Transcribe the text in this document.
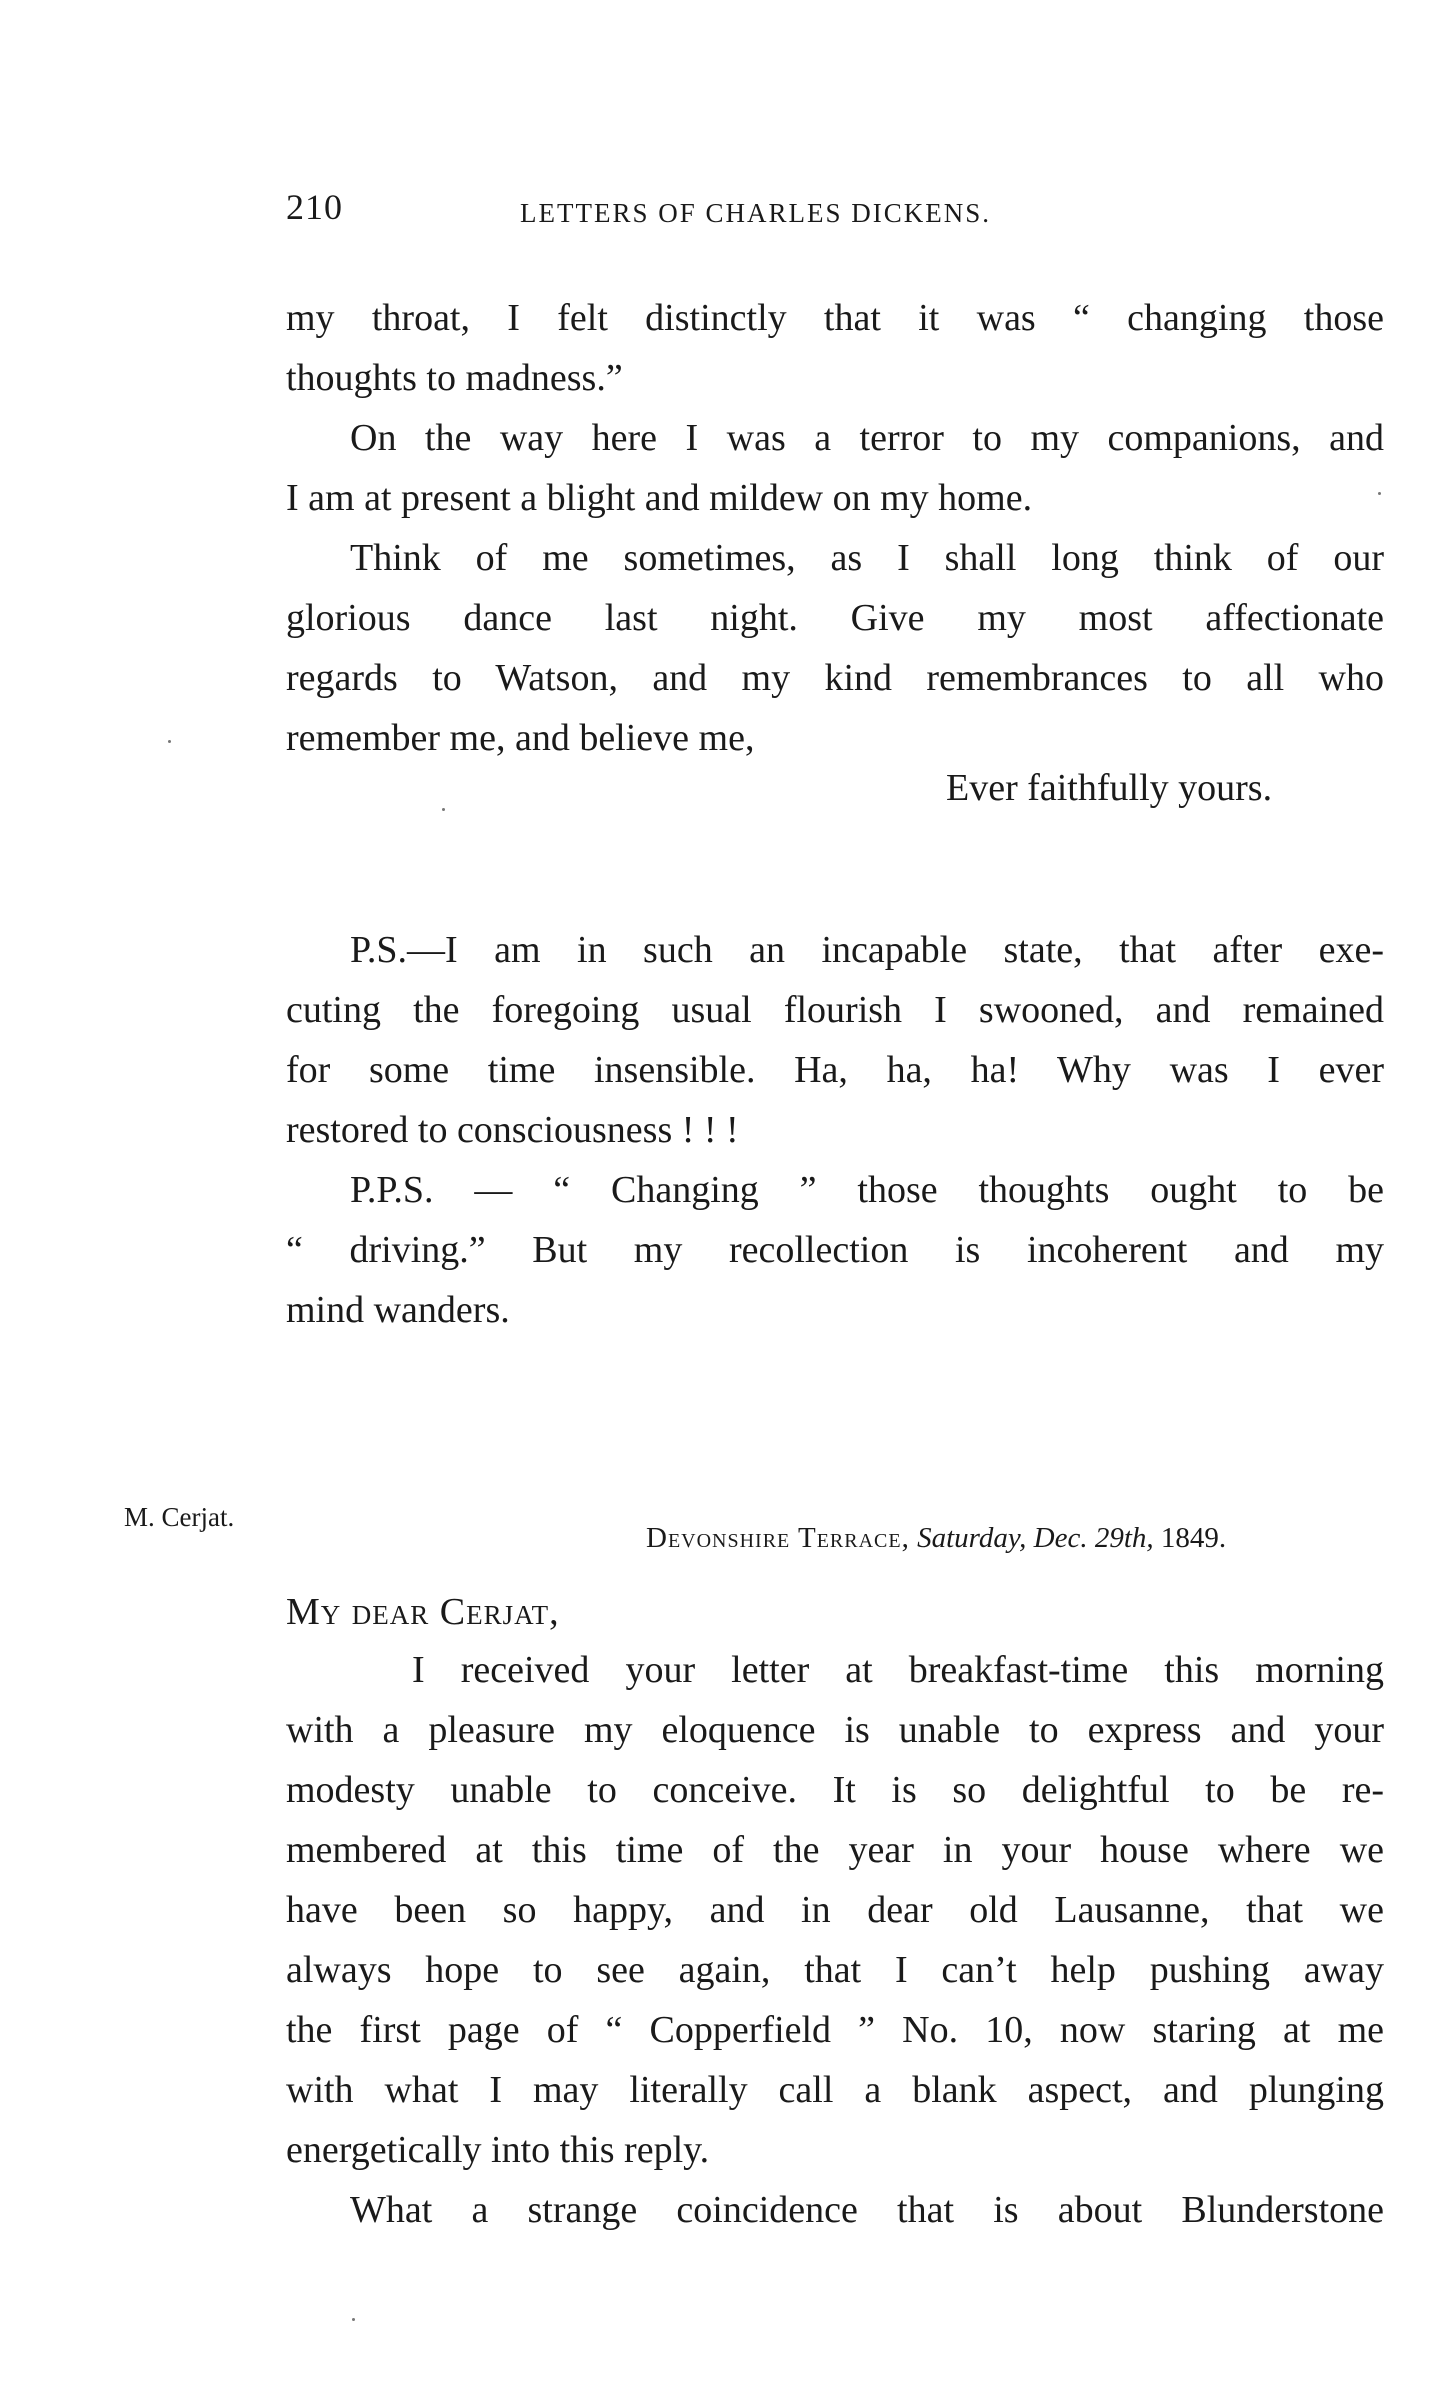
210	LETTERS OF CHARLES DICKENS.
my throat, I felt distinctly that it was “ changing those
thoughts to madness.”
On the way here I was a terror to my companions, and
I am at present a blight and mildew on my home.
Think of me sometimes, as I shall long think of our
glorious dance last night. Give my most affectionate
regards to Watson, and my kind remembrances to all who
remember me, and believe me,
Ever faithfully yours.
P.S.—I am in such an incapable state, that after exe-
cuting the foregoing usual flourish I swooned, and remained
for some time insensible. Ha, ha, ha! Why was I ever
restored to consciousness ! ! !
P.P.S. — “ Changing ” those thoughts ought to be
“ driving.” But my recollection is incoherent and my
mind wanders.
M. Cerjat.
Devonshire Terrace, Saturday, Dec. 29th, 1849.
My dear Cerjat,
I received your letter at breakfast-time this morning
with a pleasure my eloquence is unable to express and your
modesty unable to conceive. It is so delightful to be re-
membered at this time of the year in your house where we
have been so happy, and in dear old Lausanne, that we
always hope to see again, that I can’t help pushing away
the first page of “ Copperfield ” No. 10, now staring at me
with what I may literally call a blank aspect, and plunging
energetically into this reply.
What a strange coincidence that is about Blunderstone
